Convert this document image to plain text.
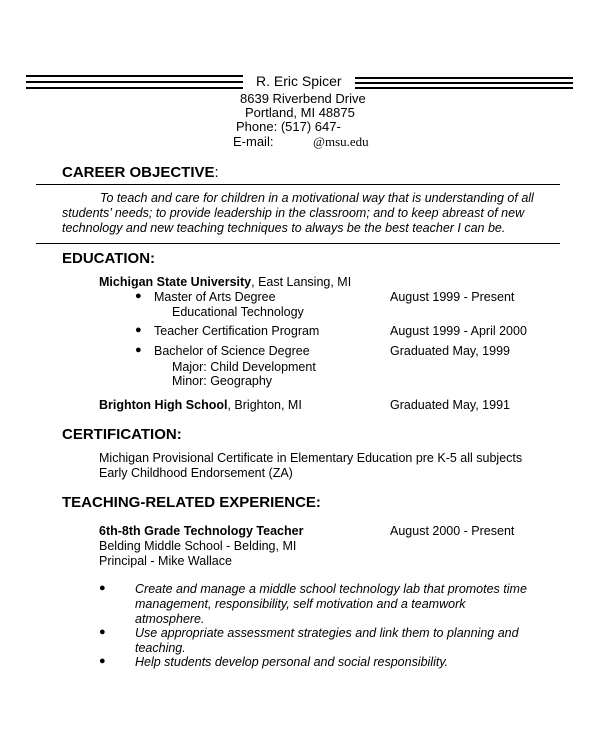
R. Eric Spicer
8639 Riverbend Drive
Portland, MI 48875
Phone: (517) 647-
E-mail:	@msu.edu
CAREER OBJECTIVE:
To teach and care for children in a motivational way that is understanding of all
students’ needs; to provide leadership in the classroom; and to keep abreast of new
technology and new teaching techniques to always be the best teacher I can be.
EDUCATION:
Michigan State University, East Lansing, MI
● Master of Arts Degree	August 1999 - Present
Educational Technology
● Teacher Certification Program	August 1999 - April 2000
● Bachelor of Science Degree	Graduated May, 1999
Major: Child Development
Minor: Geography
Brighton High School, Brighton, MI	Graduated May, 1991
CERTIFICATION:
Michigan Provisional Certificate in Elementary Education pre K-5 all subjects
Early Childhood Endorsement (ZA)
TEACHING-RELATED EXPERIENCE:
6th-8th Grade Technology Teacher	August 2000 - Present
Belding Middle School - Belding, MI
Principal - Mike Wallace
● Create and manage a middle school technology lab that promotes time
management, responsibility, self motivation and a teamwork
atmosphere.
● Use appropriate assessment strategies and link them to planning and
teaching.
● Help students develop personal and social responsibility.
